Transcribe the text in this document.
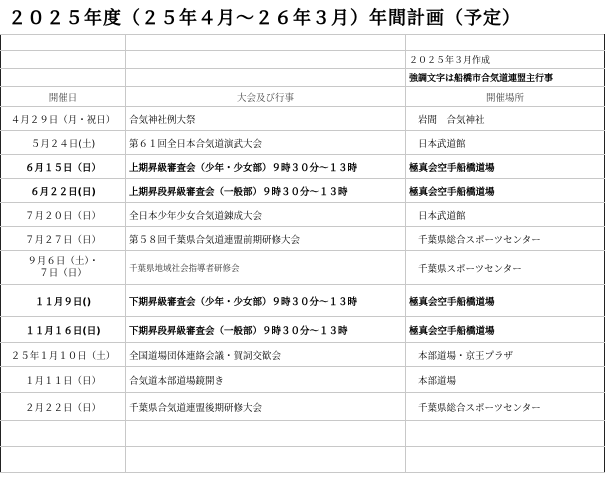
２０２５年度（２５年４月～２６年３月）年間計画（予定）

		２０２５年３月作成
		強調文字は船橋市合気道連盟主行事
開催日	大会及び行事	開催場所
４月２９日（月・祝日）	合気神社例大祭	岩間　合気神社
５月２４日(土)	第６１回全日本合気道演武大会	日本武道館
６月１５日（日）	上期昇級審査会（少年・少女部）９時３０分～１３時	極真会空手船橋道場
６月２２日(日)	上期昇段昇級審査会（一般部）９時３０分～１３時	極真会空手船橋道場
７月２０日（日）	全日本少年少女合気道錬成大会	日本武道館
７月２７日（日）	第５８回千葉県合気道連盟前期研修大会	千葉県総合スポーツセンター
９月６日（土）・
７日（日）	千葉県地域社会指導者研修会	千葉県スポーツセンター
１１月９日()	下期昇級審査会（少年・少女部）９時３０分～１３時	極真会空手船橋道場
１１月１６日(日)	下期昇段昇級審査会（一般部）９時３０分～１３時	極真会空手船橋道場
２５年１月１０日（土）	全国道場団体連絡会議・賀詞交歓会	本部道場・京王プラザ
１月１１日（日）	合気道本部道場鏡開き	本部道場
２月２２日（日）	千葉県合気道連盟後期研修大会	千葉県総合スポーツセンター
